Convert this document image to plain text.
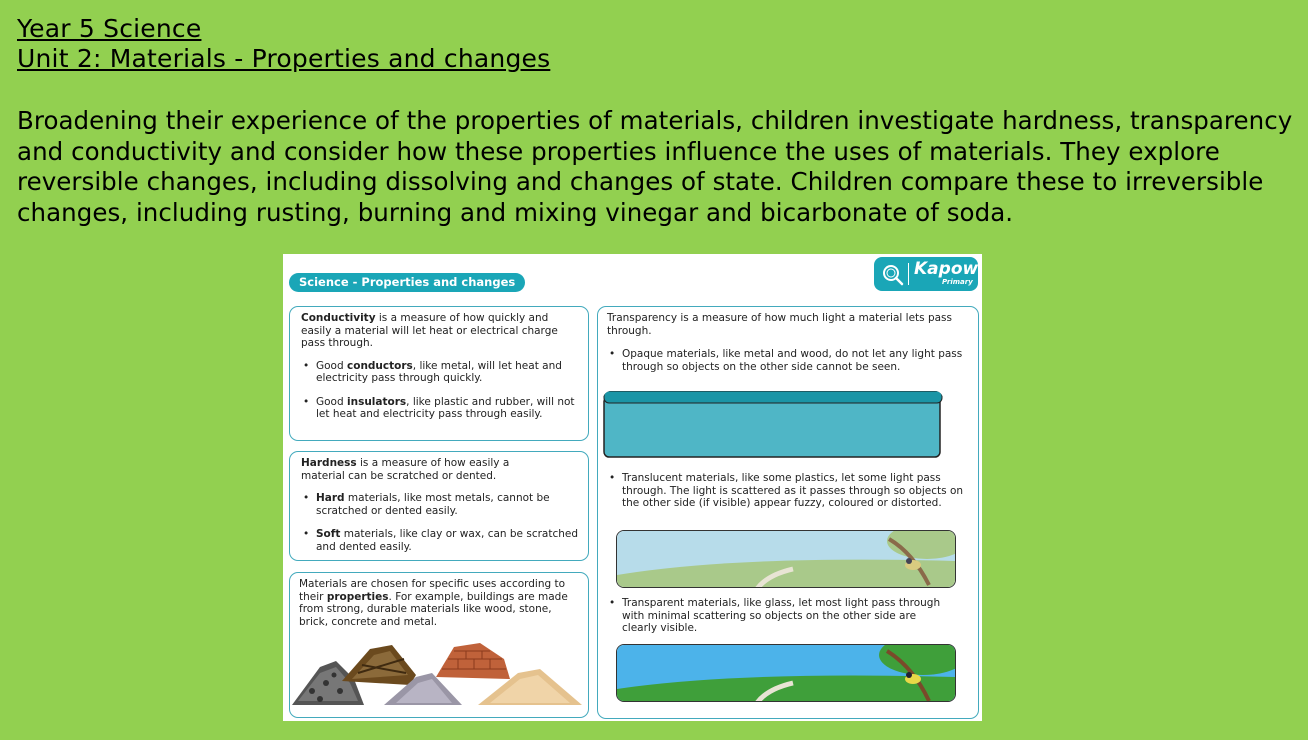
Year 5 Science
Unit 2: Materials - Properties and changes
Broadening their experience of the properties of materials, children investigate hardness, transparency and conductivity and consider how these properties influence the uses of materials. They explore reversible changes, including dissolving and changes of state. Children compare these to irreversible changes, including rusting, burning and mixing vinegar and bicarbonate of soda.
Science - Properties and changes
Kapow
Primary

Conductivity is a measure of how quickly and easily a material will let heat or electrical charge pass through.

• Good conductors, like metal, will let heat and electricity pass through quickly.
• Good insulators, like plastic and rubber, will not let heat and electricity pass through easily.

Hardness is a measure of how easily a material can be scratched or dented.

• Hard materials, like most metals, cannot be scratched or dented easily.
• Soft materials, like clay or wax, can be scratched and dented easily.

Materials are chosen for specific uses according to their properties. For example, buildings are made from strong, durable materials like wood, stone, brick, concrete and metal.

Transparency is a measure of how much light a material lets pass through.

• Opaque materials, like metal and wood, do not let any light pass through so objects on the other side cannot be seen.
• Translucent materials, like some plastics, let some light pass through. The light is scattered as it passes through so objects on the other side (if visible) appear fuzzy, coloured or distorted.
• Transparent materials, like glass, let most light pass through with minimal scattering so objects on the other side are clearly visible.
